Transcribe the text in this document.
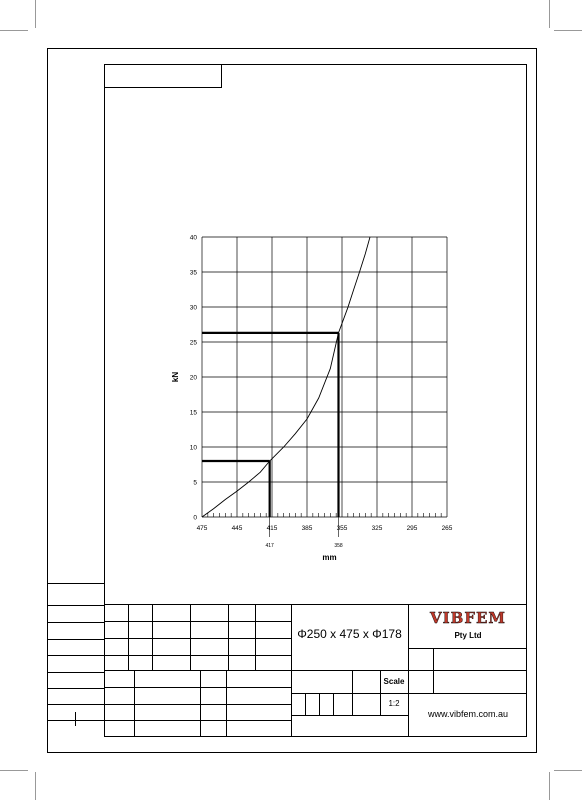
475	445	415	385	355	325	295	265
0
5
10
15
20
25
30
35
40
kN
mm
417	358
Φ250 x 475 x Φ178
VIBFEM
Pty Ltd
Scale
1:2
www.vibfem.com.au
